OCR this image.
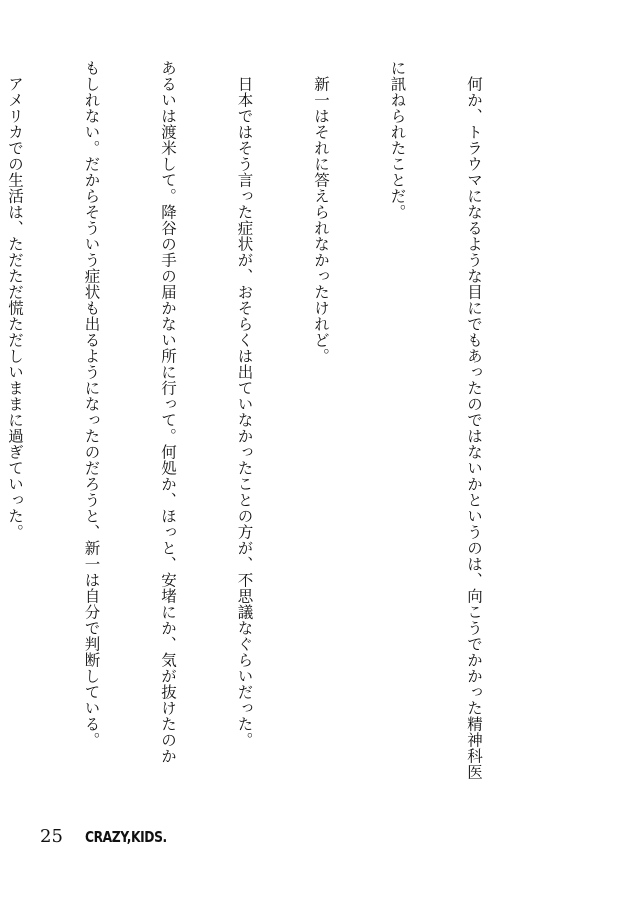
　何か、トラウマになるような目にでもあったのではないかというのは、向こうでかかった精神科医

に訊ねられたことだ。

　新一はそれに答えられなかったけれど。

　日本ではそう言った症状が、おそらくは出ていなかったことの方が、不思議なぐらいだった。

あるいは渡米して。降谷の手の届かない所に行って。何処か、ほっと、安堵にか、気が抜けたのか

もしれない。だからそういう症状も出るようになったのだろうと、新一は自分で判断している。

　アメリカでの生活は、ただただ慌ただしいままに過ぎていった。

25 CRAZY,KIDS.
